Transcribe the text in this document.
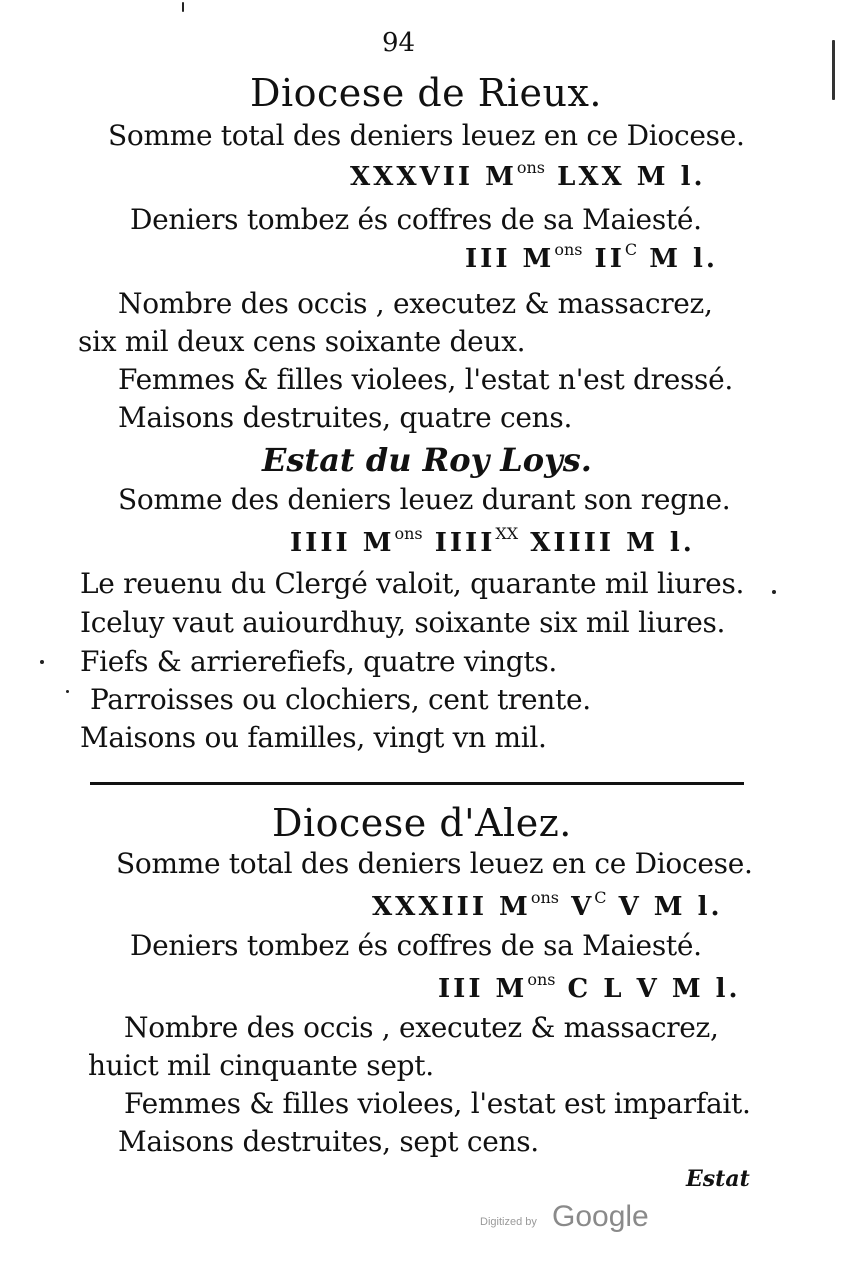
94
Diocese de Rieux.
Somme total des deniers leuez en ce Diocese.
XXXVII $M^{ons}$ LXX M l.
Deniers tombez és coffres de sa Maiesté.
III $M^{ons}$ $II^C$ M l.
Nombre des occis , executez & massacrez,
six mil deux cens soixante deux.
Femmes & filles violees, l'estat n'est dressé.
Maisons destruites, quatre cens.
Estat du Roy Loys.
Somme des deniers leuez durant son regne.
IIII $M^{ons}$ $IIII^{XX}$ XIIII M l.
Le reuenu du Clergé valoit, quarante mil liures.
Iceluy vaut auiourdhuy, soixante six mil liures.
Fiefs & arrierefiefs, quatre vingts.
Parroisses ou clochiers, cent trente.
Maisons ou familles, vingt vn mil.
Diocese d'Alez.
Somme total des deniers leuez en ce Diocese.
XXXIII $M^{ons}$ $V^C$ V M l.
Deniers tombez és coffres de sa Maiesté.
III $M^{ons}$ C L V M l.
Nombre des occis , executez & massacrez,
huict mil cinquante sept.
Femmes & filles violees, l'estat est imparfait.
Maisons destruites, sept cens.
Estat
Digitized by Google
